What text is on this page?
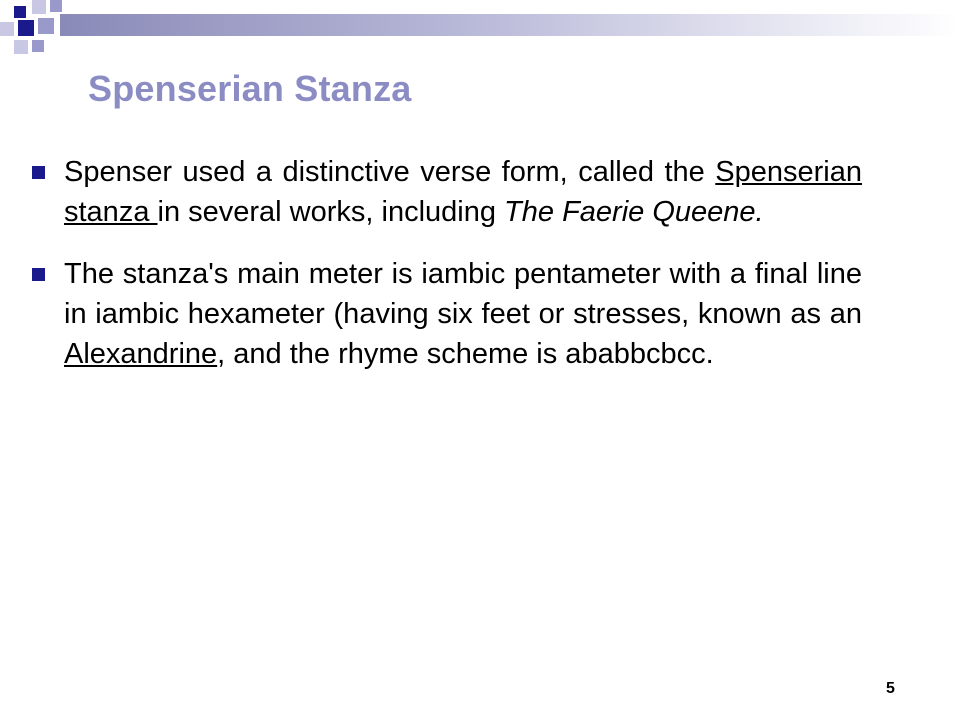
Spenserian Stanza
Spenser used a distinctive verse form, called the Spenserian stanza in several works, including The Faerie Queene.
The stanza's main meter is iambic pentameter with a final line in iambic hexameter (having six feet or stresses, known as an Alexandrine, and the rhyme scheme is ababbcbcc.
5
